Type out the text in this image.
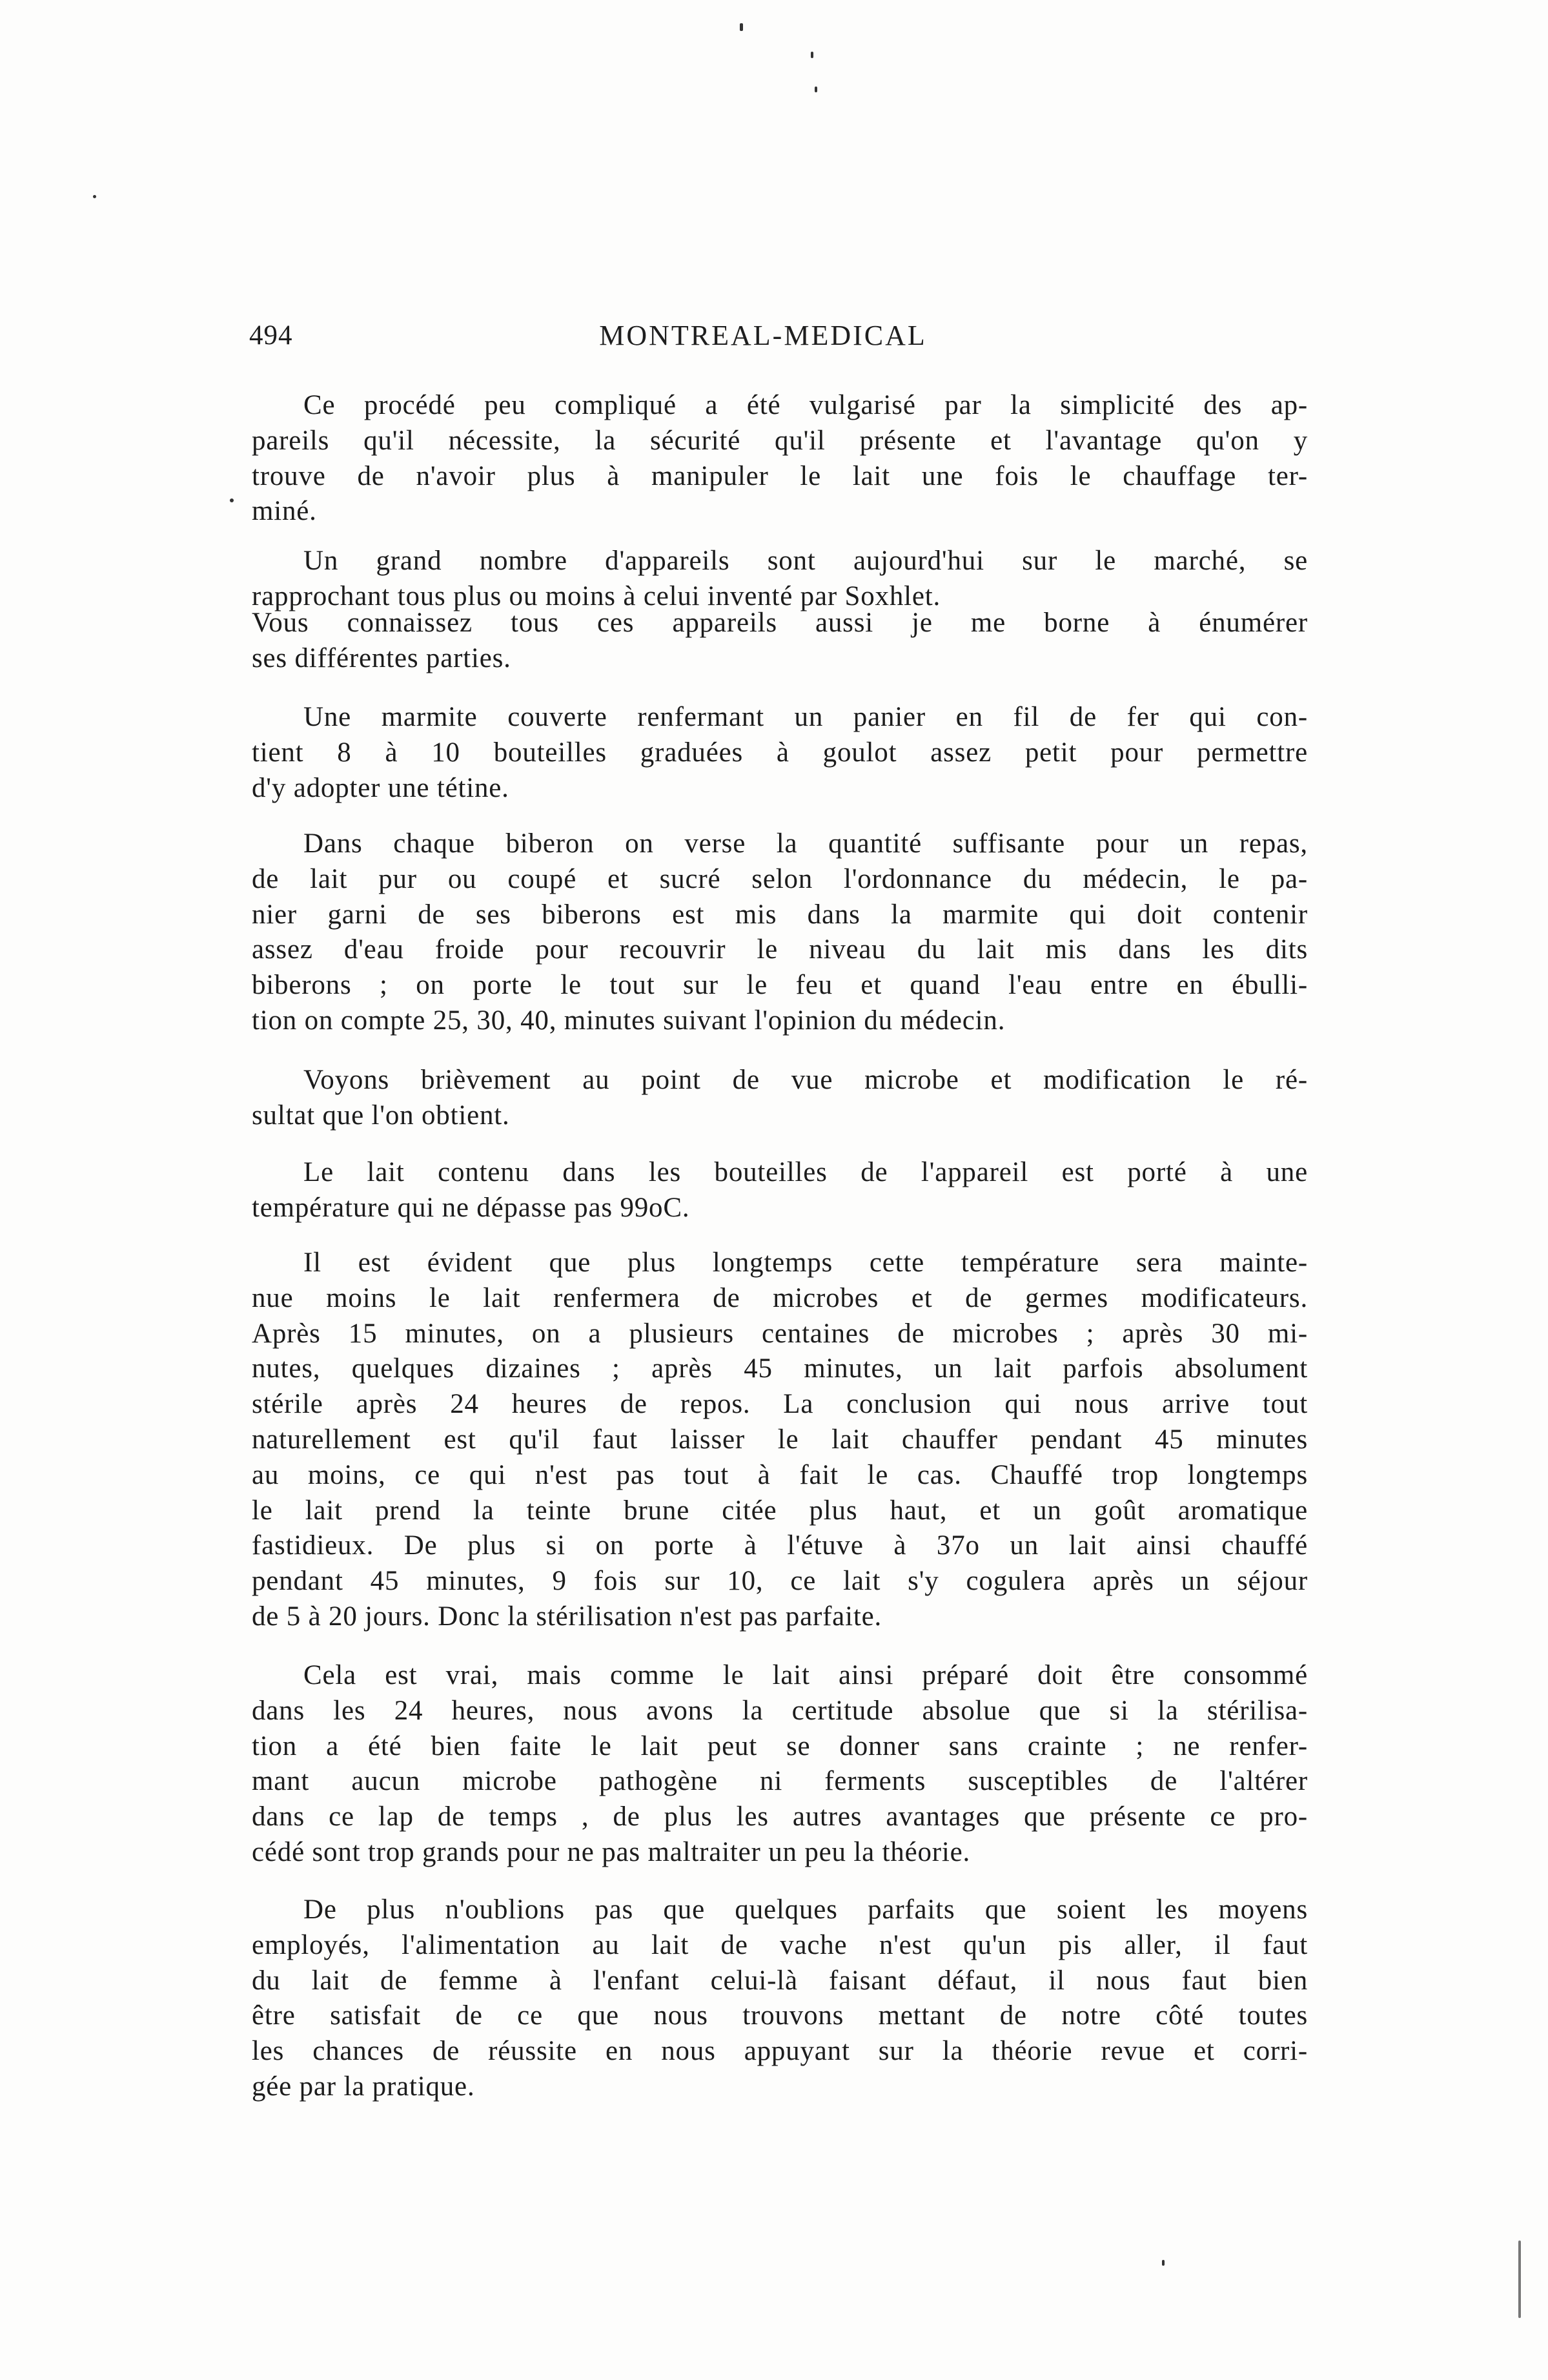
494	MONTREAL-MEDICAL
Ce procédé peu compliqué a été vulgarisé par la simplicité des ap-
pareils qu'il nécessite, la sécurité qu'il présente et l'avantage qu'on y
trouve de n'avoir plus à manipuler le lait une fois le chauffage ter-
miné.
Un grand nombre d'appareils sont aujourd'hui sur le marché, se
rapprochant tous plus ou moins à celui inventé par Soxhlet.
Vous connaissez tous ces appareils aussi je me borne à énumérer
ses différentes parties.
Une marmite couverte renfermant un panier en fil de fer qui con-
tient 8 à 10 bouteilles graduées à goulot assez petit pour permettre
d'y adopter une tétine.
Dans chaque biberon on verse la quantité suffisante pour un repas,
de lait pur ou coupé et sucré selon l'ordonnance du médecin, le pa-
nier garni de ses biberons est mis dans la marmite qui doit contenir
assez d'eau froide pour recouvrir le niveau du lait mis dans les dits
biberons ; on porte le tout sur le feu et quand l'eau entre en ébulli-
tion on compte 25, 30, 40, minutes suivant l'opinion du médecin.
Voyons brièvement au point de vue microbe et modification le ré-
sultat que l'on obtient.
Le lait contenu dans les bouteilles de l'appareil est porté à une
température qui ne dépasse pas 99oC.
Il est évident que plus longtemps cette température sera mainte-
nue moins le lait renfermera de microbes et de germes modificateurs.
Après 15 minutes, on a plusieurs centaines de microbes ; après 30 mi-
nutes, quelques dizaines ; après 45 minutes, un lait parfois absolument
stérile après 24 heures de repos. La conclusion qui nous arrive tout
naturellement est qu'il faut laisser le lait chauffer pendant 45 minutes
au moins, ce qui n'est pas tout à fait le cas. Chauffé trop longtemps
le lait prend la teinte brune citée plus haut, et un goût aromatique
fastidieux. De plus si on porte à l'étuve à 37o un lait ainsi chauffé
pendant 45 minutes, 9 fois sur 10, ce lait s'y cogulera après un séjour
de 5 à 20 jours. Donc la stérilisation n'est pas parfaite.
Cela est vrai, mais comme le lait ainsi préparé doit être consommé
dans les 24 heures, nous avons la certitude absolue que si la stérilisa-
tion a été bien faite le lait peut se donner sans crainte ; ne renfer-
mant aucun microbe pathogène ni ferments susceptibles de l'altérer
dans ce lap de temps , de plus les autres avantages que présente ce pro-
cédé sont trop grands pour ne pas maltraiter un peu la théorie.
De plus n'oublions pas que quelques parfaits que soient les moyens
employés, l'alimentation au lait de vache n'est qu'un pis aller, il faut
du lait de femme à l'enfant celui-là faisant défaut, il nous faut bien
être satisfait de ce que nous trouvons mettant de notre côté toutes
les chances de réussite en nous appuyant sur la théorie revue et corri-
gée par la pratique.
